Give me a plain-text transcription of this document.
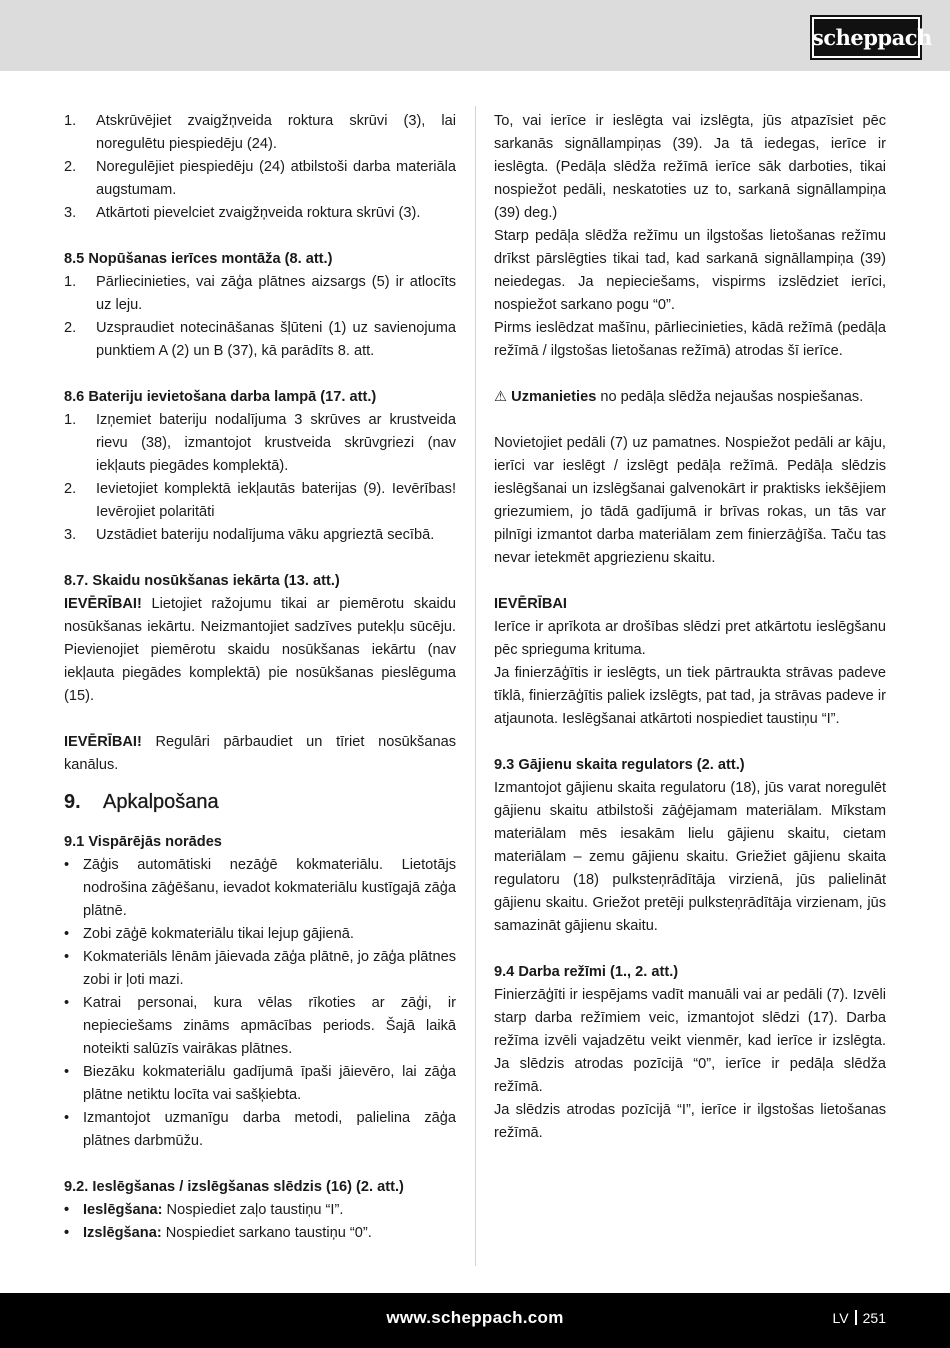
scheppach
1.	Atskrūvējiet zvaigžņveida roktura skrūvi (3), lai noregulētu piespiedēju (24).
2.	Noregulējiet piespiedēju (24) atbilstoši darba materiāla augstumam.
3.	Atkārtoti pievelciet zvaigžņveida roktura skrūvi (3).

8.5 Nopūšanas ierīces montāža (8. att.)

1.	Pārliecinieties, vai zāģa plātnes aizsargs (5) ir atlocīts uz leju.
2.	Uzspraudiet notecināšanas šļūteni (1) uz savienojuma punktiem A (2) un B (37), kā parādīts 8. att.

8.6 Bateriju ievietošana darba lampā (17. att.)

1.	Izņemiet bateriju nodalījuma 3 skrūves ar krustveida rievu (38), izmantojot krustveida skrūvgriezi (nav iekļauts piegādes komplektā).
2.	Ievietojiet komplektā iekļautās baterijas (9). Ievērības! Ievērojiet polaritāti
3.	Uzstādiet bateriju nodalījuma vāku apgrieztā secībā.

8.7. Skaidu nosūkšanas iekārta (13. att.)

IEVĒRĪBAI! Lietojiet ražojumu tikai ar piemērotu skaidu nosūkšanas iekārtu. Neizmantojiet sadzīves putekļu sūcēju. Pievienojiet piemērotu skaidu nosūkšanas iekārtu (nav iekļauta piegādes komplektā) pie nosūkšanas pieslēguma (15).

IEVĒRĪBAI! Regulāri pārbaudiet un tīriet nosūkšanas kanālus.

9.	Apkalpošana

9.1 Vispārējās norādes

• Zāģis automātiski nezāģē kokmateriālu. Lietotājs nodrošina zāģēšanu, ievadot kokmateriālu kustīgajā zāģa plātnē.
• Zobi zāģē kokmateriālu tikai lejup gājienā.
• Kokmateriāls lēnām jāievada zāģa plātnē, jo zāģa plātnes zobi ir ļoti mazi.
• Katrai personai, kura vēlas rīkoties ar zāģi, ir nepieciešams zināms apmācības periods. Šajā laikā noteikti salūzīs vairākas plātnes.
• Biezāku kokmateriālu gadījumā īpaši jāievēro, lai zāģa plātne netiktu locīta vai sašķiebta.
• Izmantojot uzmanīgu darba metodi, palielina zāģa plātnes darbmūžu.

9.2. Ieslēgšanas / izslēgšanas slēdzis (16) (2. att.)

• Ieslēgšana: Nospiediet zaļo taustiņu “I”.
• Izslēgšana: Nospiediet sarkano taustiņu “0”.

To, vai ierīce ir ieslēgta vai izslēgta, jūs atpazīsiet pēc sarkanās signāllampiņas (39). Ja tā iedegas, ierīce ir ieslēgta. (Pedāļa slēdža režīmā ierīce sāk darboties, tikai nospiežot pedāli, neskatoties uz to, sarkanā signāllampiņa (39) deg.)

Starp pedāļa slēdža režīmu un ilgstošas lietošanas režīmu drīkst pārslēgties tikai tad, kad sarkanā signāllampiņa (39) neiedegas. Ja nepieciešams, vispirms izslēdziet ierīci, nospiežot sarkano pogu “0”.

Pirms ieslēdzat mašīnu, pārliecinieties, kādā režīmā (pedāļa režīmā / ilgstošas lietošanas režīmā) atrodas šī ierīce.

⚠ Uzmanieties no pedāļa slēdža nejaušas nospiešanas.

Novietojiet pedāli (7) uz pamatnes. Nospiežot pedāli ar kāju, ierīci var ieslēgt / izslēgt pedāļa režīmā. Pedāļa slēdzis ieslēgšanai un izslēgšanai galvenokārt ir praktisks iekšējiem griezumiem, jo tādā gadījumā ir brīvas rokas, un tās var pilnīgi izmantot darba materiālam zem finierzāģīša. Taču tas nevar ietekmēt apgriezienu skaitu.

IEVĒRĪBAI

Ierīce ir aprīkota ar drošības slēdzi pret atkārtotu ieslēgšanu pēc sprieguma krituma.

Ja finierzāģītis ir ieslēgts, un tiek pārtraukta strāvas padeve tīklā, finierzāģītis paliek izslēgts, pat tad, ja strāvas padeve ir atjaunota. Ieslēgšanai atkārtoti nospiediet taustiņu “I”.

9.3 Gājienu skaita regulators (2. att.)

Izmantojot gājienu skaita regulatoru (18), jūs varat noregulēt gājienu skaitu atbilstoši zāģējamam materiālam. Mīkstam materiālam mēs iesakām lielu gājienu skaitu, cietam materiālam – zemu gājienu skaitu. Griežiet gājienu skaita regulatoru (18) pulksteņrādītāja virzienā, jūs palielināt gājienu skaitu. Griežot pretēji pulksteņrādītāja virzienam, jūs samazināt gājienu skaitu.

9.4 Darba režīmi (1., 2. att.)

Finierzāģīti ir iespējams vadīt manuāli vai ar pedāli (7). Izvēli starp darba režīmiem veic, izmantojot slēdzi (17). Darba režīma izvēli vajadzētu veikt vienmēr, kad ierīce ir izslēgta. Ja slēdzis atrodas pozīcijā “0”, ierīce ir pedāļa slēdža režīmā.

Ja slēdzis atrodas pozīcijā “I”, ierīce ir ilgstošas lietošanas režīmā.

www.scheppach.com	LV 251
